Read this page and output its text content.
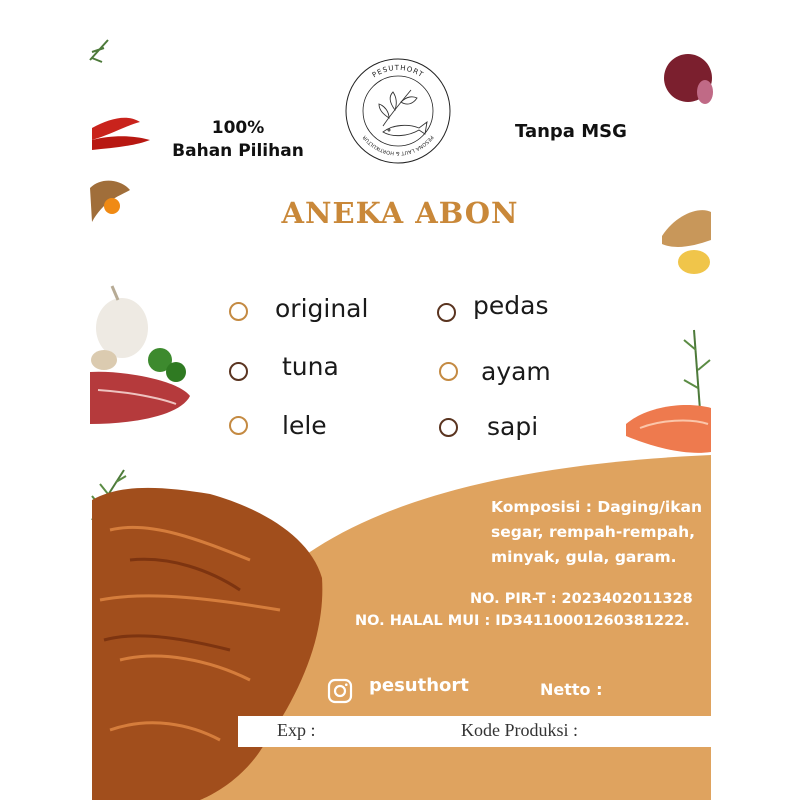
PESUTHORT
PESONA LAUT & HORTIKULTUR
100%
Bahan Pilihan
Tanpa MSG
ANEKA ABON
original	pedas
tuna	ayam
lele	sapi
Komposisi : Daging/ikan
segar, rempah-rempah,
minyak, gula, garam.
NO. PIR-T : 2023402011328
NO. HALAL MUI : ID34110001260381222.
pesuthort	Netto :
Exp :	Kode Produksi :
